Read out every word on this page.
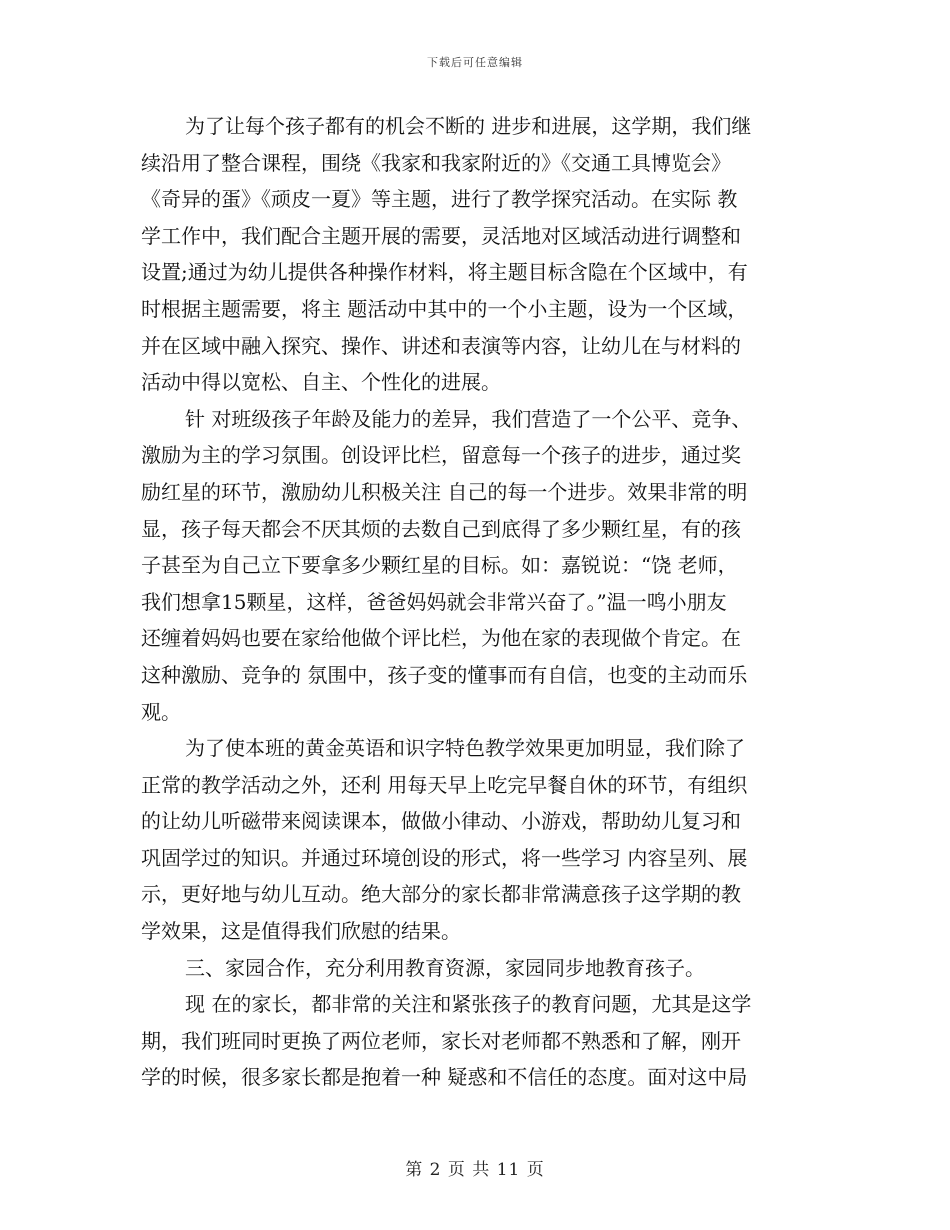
下载后可任意编辑
为了让每个孩子都有的机会不断的 进步和进展，这学期，我们继
续沿用了整合课程，围绕《我家和我家附近的》《交通工具博览会》
《奇异的蛋》《顽皮一夏》等主题，进行了教学探究活动。在实际 教
学工作中，我们配合主题开展的需要，灵活地对区域活动进行调整和
设置;通过为幼儿提供各种操作材料，将主题目标含隐在个区域中，有
时根据主题需要，将主 题活动中其中的一个小主题，设为一个区域，
并在区域中融入探究、操作、讲述和表演等内容，让幼儿在与材料的
活动中得以宽松、自主、个性化的进展。
针 对班级孩子年龄及能力的差异，我们营造了一个公平、竞争、
激励为主的学习氛围。创设评比栏，留意每一个孩子的进步，通过奖
励红星的环节，激励幼儿积极关注 自己的每一个进步。效果非常的明
显，孩子每天都会不厌其烦的去数自己到底得了多少颗红星，有的孩
子甚至为自己立下要拿多少颗红星的目标。如：嘉锐说：“饶 老师，
我们想拿15颗星，这样，爸爸妈妈就会非常兴奋了。”温一鸣小朋友
还缠着妈妈也要在家给他做个评比栏，为他在家的表现做个肯定。在
这种激励、竞争的 氛围中，孩子变的懂事而有自信，也变的主动而乐
观。
为了使本班的黄金英语和识字特色教学效果更加明显，我们除了
正常的教学活动之外，还利 用每天早上吃完早餐自休的环节，有组织
的让幼儿听磁带来阅读课本，做做小律动、小游戏，帮助幼儿复习和
巩固学过的知识。并通过环境创设的形式，将一些学习 内容呈列、展
示，更好地与幼儿互动。绝大部分的家长都非常满意孩子这学期的教
学效果，这是值得我们欣慰的结果。
三、家园合作，充分利用教育资源，家园同步地教育孩子。
现 在的家长，都非常的关注和紧张孩子的教育问题，尤其是这学
期，我们班同时更换了两位老师，家长对老师都不熟悉和了解，刚开
学的时候，很多家长都是抱着一种 疑惑和不信任的态度。面对这中局
第 2 页 共 11 页
